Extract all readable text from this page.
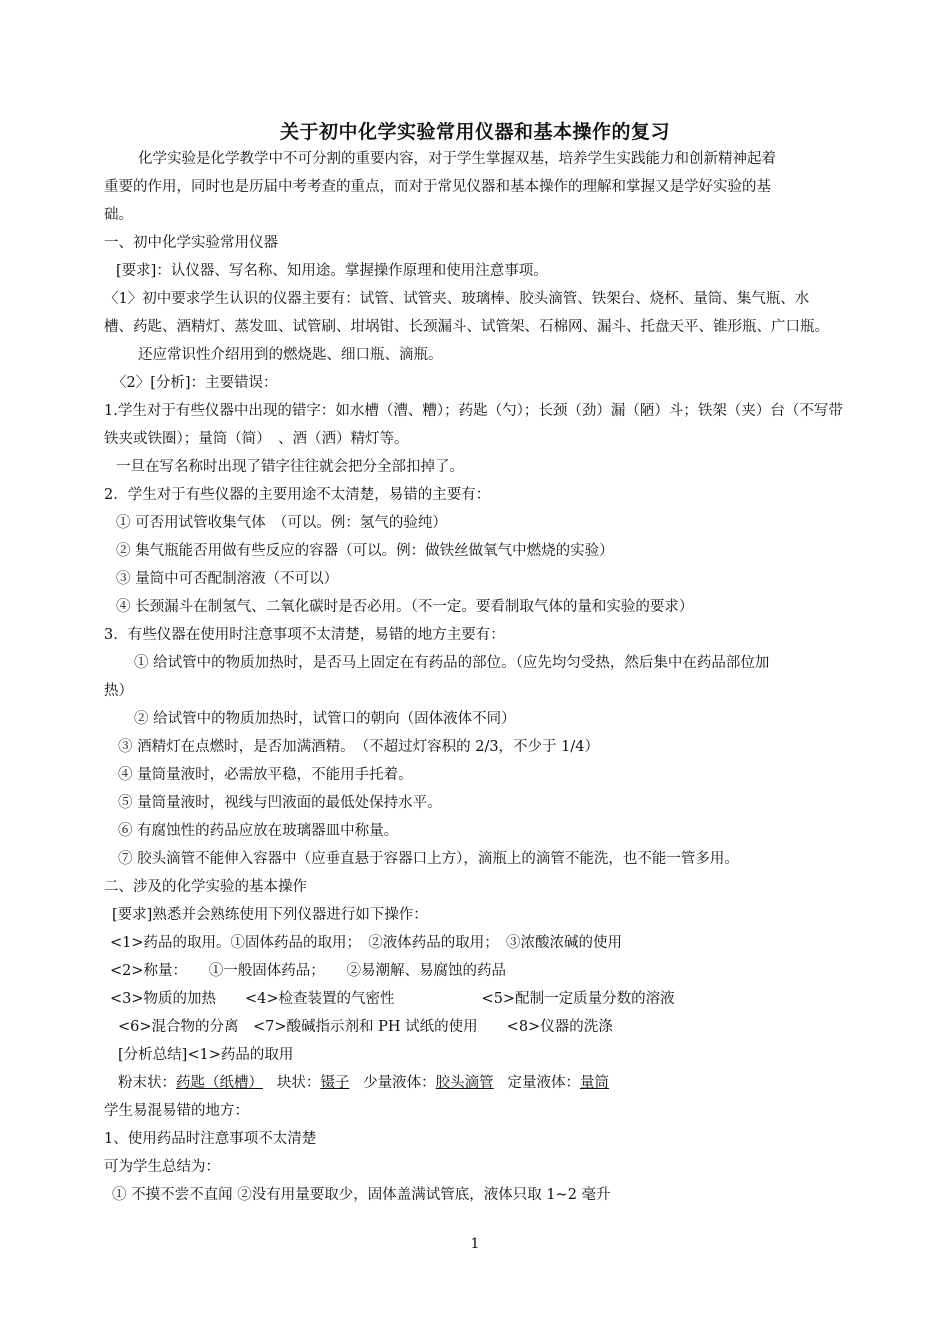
关于初中化学实验常用仪器和基本操作的复习
化学实验是化学教学中不可分割的重要内容，对于学生掌握双基，培养学生实践能力和创新精神起着
重要的作用，同时也是历届中考考查的重点，而对于常见仪器和基本操作的理解和掌握又是学好实验的基
础。
一、初中化学实验常用仪器
[要求]：认仪器、写名称、知用途。掌握操作原理和使用注意事项。
〈1〉初中要求学生认识的仪器主要有：试管、试管夹、玻璃棒、胶头滴管、铁架台、烧杯、量筒、集气瓶、水
槽、药匙、酒精灯、蒸发皿、试管刷、坩埚钳、长颈漏斗、试管架、石棉网、漏斗、托盘天平、锥形瓶、广口瓶。
还应常识性介绍用到的燃烧匙、细口瓶、滴瓶。
〈2〉[分析]：主要错误：
1.学生对于有些仪器中出现的错字：如水槽（漕、糟）；药匙（勺）；长颈（劲）漏（陋）斗；铁架（夹）台（不写带
铁夹或铁圈）；量筒（简）　、酒（洒）精灯等。
一旦在写名称时出现了错字往往就会把分全部扣掉了。
2．学生对于有些仪器的主要用途不太清楚，易错的主要有：
① 可否用试管收集气体　（可以。例：氢气的验纯）
② 集气瓶能否用做有些反应的容器（可以。例：做铁丝做氧气中燃烧的实验）
③ 量筒中可否配制溶液（不可以）
④ 长颈漏斗在制氢气、二氧化碳时是否必用。（不一定。要看制取气体的量和实验的要求）
3．有些仪器在使用时注意事项不太清楚，易错的地方主要有：
① 给试管中的物质加热时，是否马上固定在有药品的部位。（应先均匀受热，然后集中在药品部位加
热）
② 给试管中的物质加热时，试管口的朝向（固体液体不同）
③ 酒精灯在点燃时，是否加满酒精。　（不超过灯容积的 2/3，不少于 1/4）
④ 量筒量液时，必需放平稳，不能用手托着。
⑤ 量筒量液时，视线与凹液面的最低处保持水平。
⑥ 有腐蚀性的药品应放在玻璃器皿中称量。
⑦ 胶头滴管不能伸入容器中（应垂直悬于容器口上方），滴瓶上的滴管不能洗，也不能一管多用。
二、涉及的化学实验的基本操作
[要求]熟悉并会熟练使用下列仪器进行如下操作：
<1>药品的取用。①固体药品的取用；　②液体药品的取用；　③浓酸浓碱的使用
<2>称量：　　①一般固体药品；　　②易潮解、易腐蚀的药品
<3>物质的加热　　<4>检查装置的气密性　　　　　　<5>配制一定质量分数的溶液
<6>混合物的分离　<7>酸碱指示剂和 PH 试纸的使用　　<8>仪器的洗涤
[分析总结]<1>药品的取用
粉末状：药匙（纸槽） 块状：镊子 少量液体：胶头滴管 定量液体：量筒
学生易混易错的地方：
1、使用药品时注意事项不太清楚
可为学生总结为：
① 不摸不尝不直闻 ②没有用量要取少，固体盖满试管底，液体只取 1~2 毫升
1
